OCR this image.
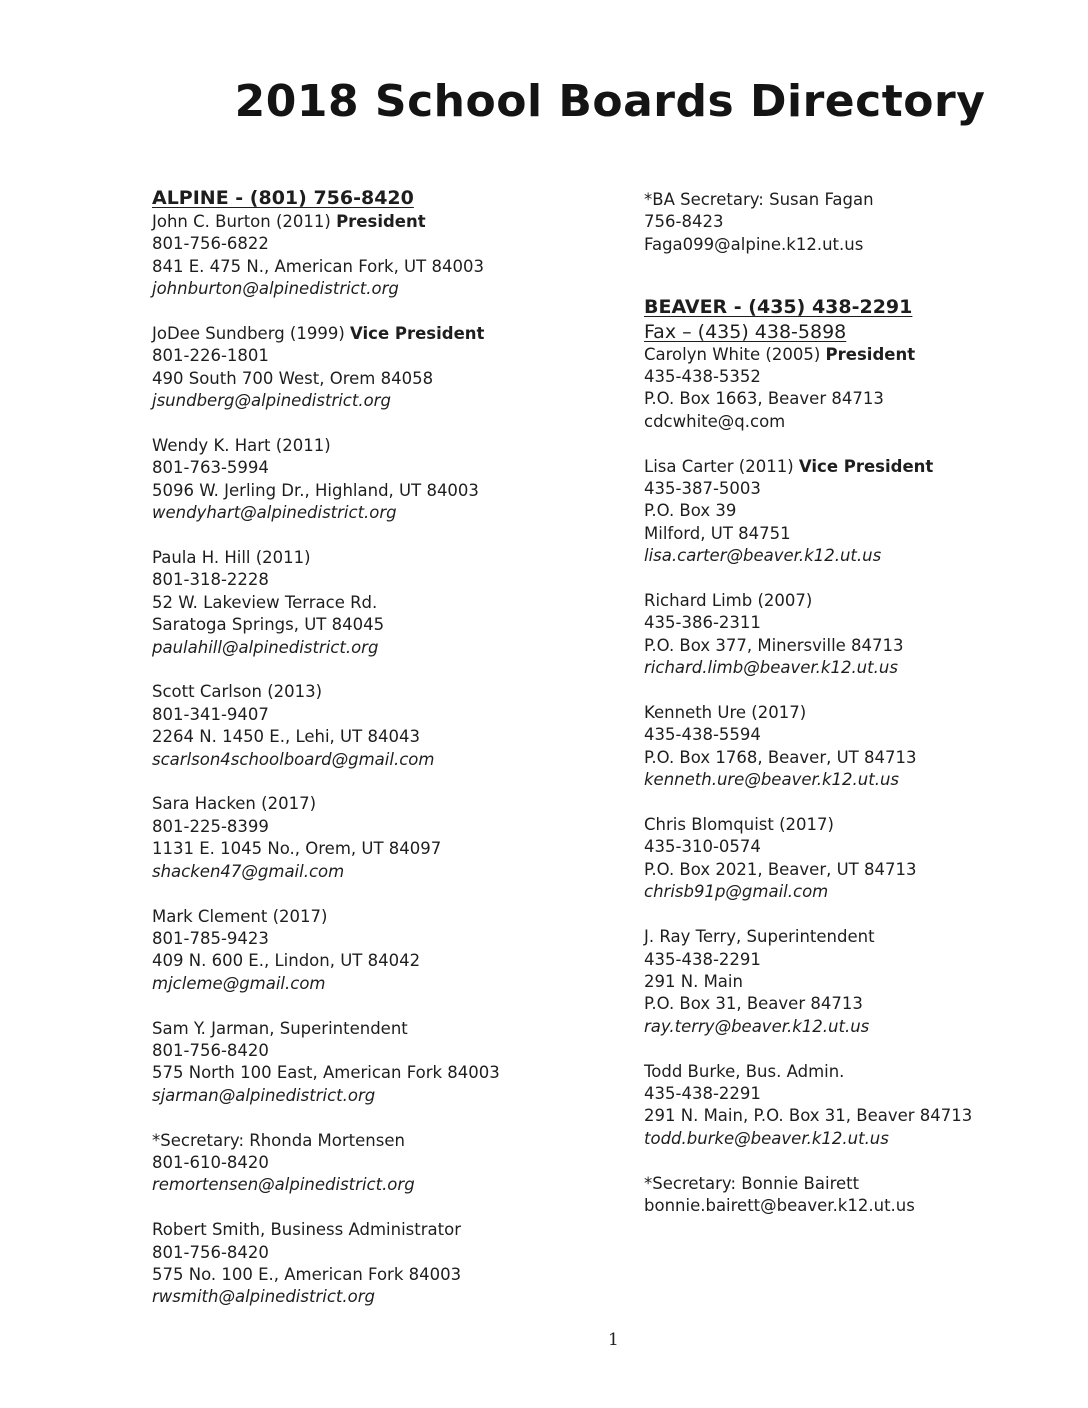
2018 School Boards Directory
ALPINE - (801) 756-8420
John C. Burton (2011) President
801-756-6822
841 E. 475 N., American Fork, UT 84003
johnburton@alpinedistrict.org
JoDee Sundberg (1999) Vice President
801-226-1801
490 South 700 West, Orem 84058
jsundberg@alpinedistrict.org
Wendy K. Hart (2011)
801-763-5994
5096 W. Jerling Dr., Highland, UT 84003
wendyhart@alpinedistrict.org
Paula H. Hill (2011)
801-318-2228
52 W. Lakeview Terrace Rd.
Saratoga Springs, UT 84045
paulahill@alpinedistrict.org
Scott Carlson (2013)
801-341-9407
2264 N. 1450 E., Lehi, UT 84043
scarlson4schoolboard@gmail.com
Sara Hacken (2017)
801-225-8399
1131 E. 1045 No., Orem, UT 84097
shacken47@gmail.com
Mark Clement (2017)
801-785-9423
409 N. 600 E., Lindon, UT 84042
mjcleme@gmail.com
Sam Y. Jarman, Superintendent
801-756-8420
575 North 100 East, American Fork 84003
sjarman@alpinedistrict.org
*Secretary: Rhonda Mortensen
801-610-8420
remortensen@alpinedistrict.org
Robert Smith, Business Administrator
801-756-8420
575 No. 100 E., American Fork 84003
rwsmith@alpinedistrict.org
*BA Secretary: Susan Fagan
756-8423
Faga099@alpine.k12.ut.us
BEAVER - (435) 438-2291
Fax – (435) 438-5898
Carolyn White (2005) President
435-438-5352
P.O. Box 1663, Beaver 84713
cdcwhite@q.com
Lisa Carter (2011) Vice President
435-387-5003
P.O. Box 39
Milford, UT 84751
lisa.carter@beaver.k12.ut.us
Richard Limb (2007)
435-386-2311
P.O. Box 377, Minersville 84713
richard.limb@beaver.k12.ut.us
Kenneth Ure (2017)
435-438-5594
P.O. Box 1768, Beaver, UT 84713
kenneth.ure@beaver.k12.ut.us
Chris Blomquist (2017)
435-310-0574
P.O. Box 2021, Beaver, UT 84713
chrisb91p@gmail.com
J. Ray Terry, Superintendent
435-438-2291
291 N. Main
P.O. Box 31, Beaver 84713
ray.terry@beaver.k12.ut.us
Todd Burke, Bus. Admin.
435-438-2291
291 N. Main, P.O. Box 31, Beaver 84713
todd.burke@beaver.k12.ut.us
*Secretary: Bonnie Bairett
bonnie.bairett@beaver.k12.ut.us
1
